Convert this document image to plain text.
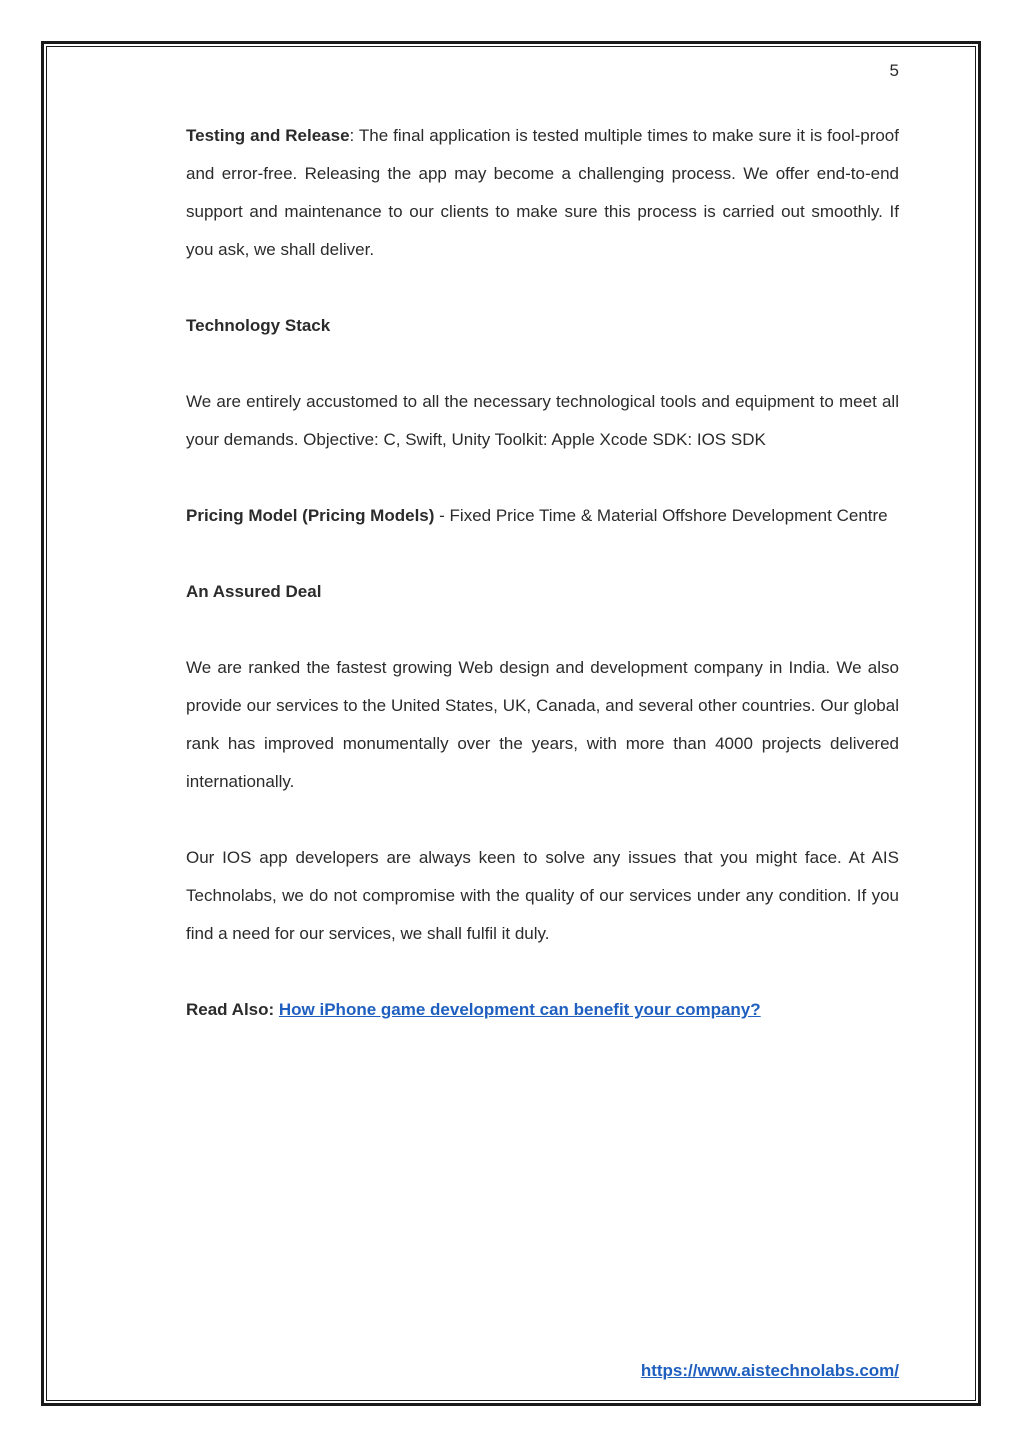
5

Testing and Release: The final application is tested multiple times to make sure it is fool-proof and error-free. Releasing the app may become a challenging process. We offer end-to-end support and maintenance to our clients to make sure this process is carried out smoothly. If you ask, we shall deliver.

Technology Stack

We are entirely accustomed to all the necessary technological tools and equipment to meet all your demands. Objective: C, Swift, Unity Toolkit: Apple Xcode SDK: IOS SDK

Pricing Model (Pricing Models) - Fixed Price Time & Material Offshore Development Centre

An Assured Deal

We are ranked the fastest growing Web design and development company in India. We also provide our services to the United States, UK, Canada, and several other countries. Our global rank has improved monumentally over the years, with more than 4000 projects delivered internationally.

Our IOS app developers are always keen to solve any issues that you might face. At AIS Technolabs, we do not compromise with the quality of our services under any condition. If you find a need for our services, we shall fulfil it duly.

Read Also: How iPhone game development can benefit your company?

https://www.aistechnolabs.com/
